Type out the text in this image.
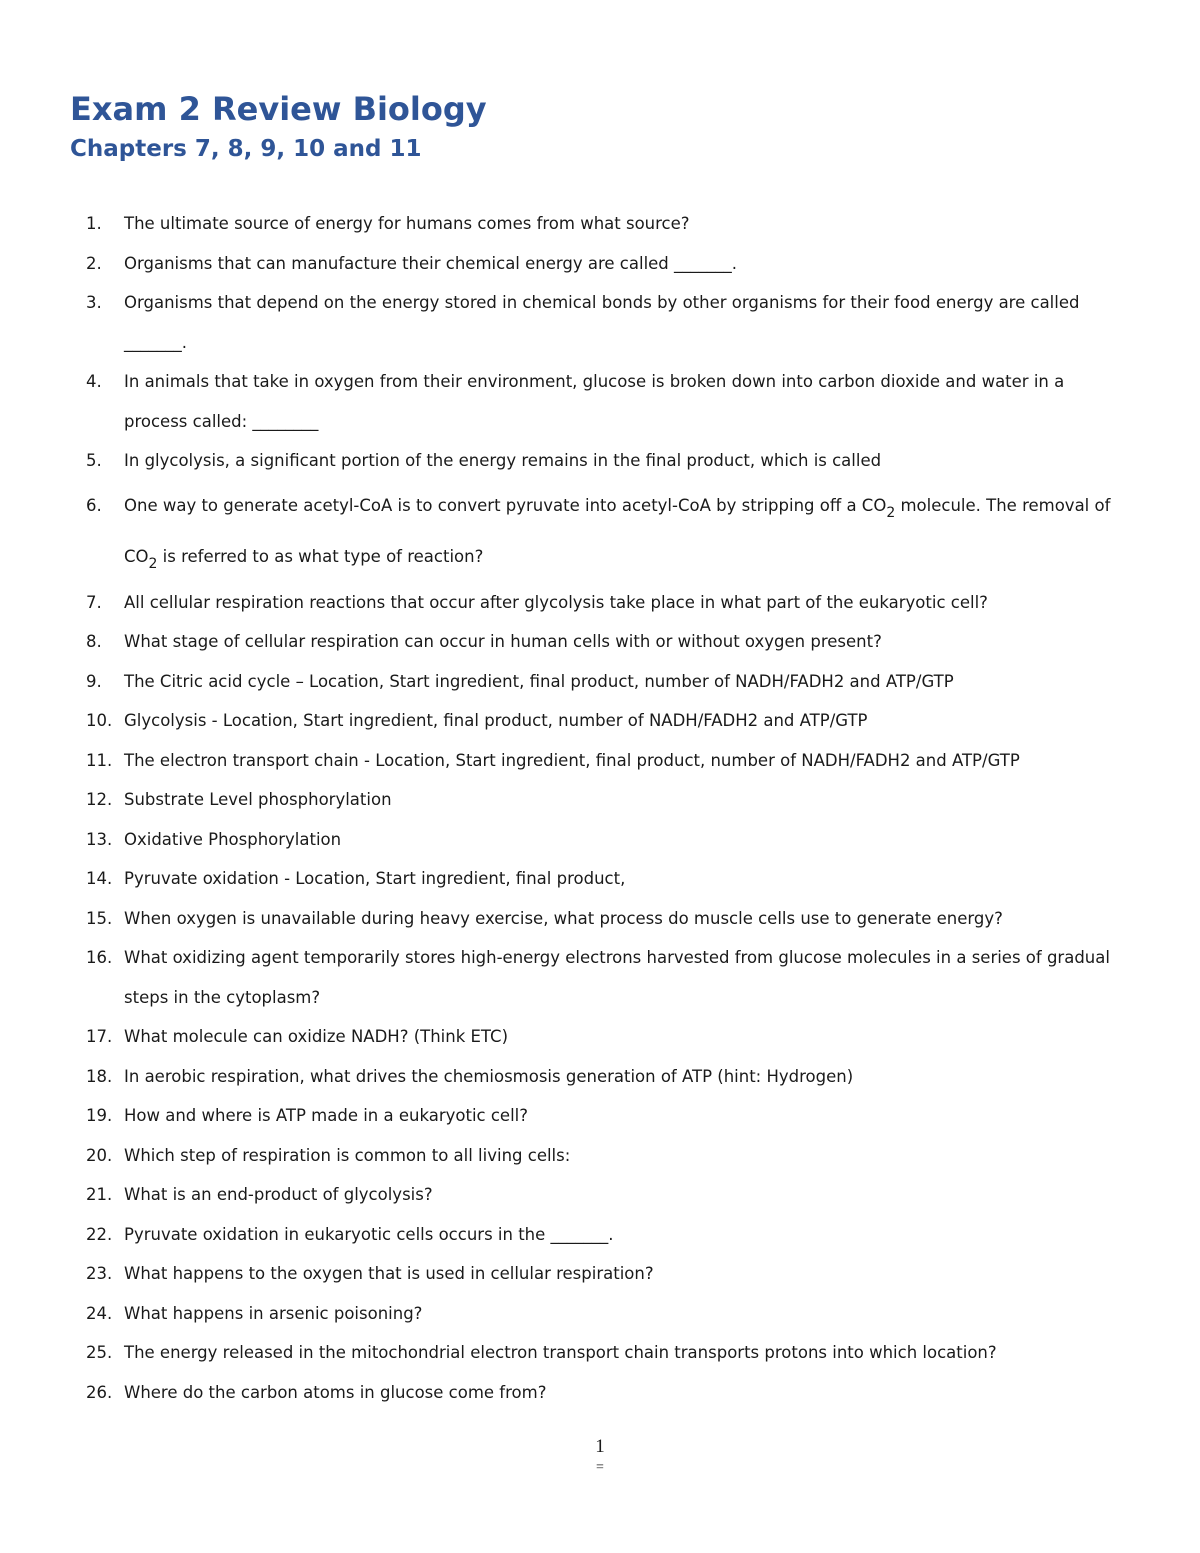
Exam 2 Review Biology
Chapters 7, 8, 9, 10 and 11
1.	The ultimate source of energy for humans comes from what source?
2.	Organisms that can manufacture their chemical energy are called _______.
3.	Organisms that depend on the energy stored in chemical bonds by other organisms for their food energy are called _______.
4.	In animals that take in oxygen from their environment, glucose is broken down into carbon dioxide and water in a process called: ________
5.	In glycolysis, a significant portion of the energy remains in the final product, which is called
6.	One way to generate acetyl-CoA is to convert pyruvate into acetyl-CoA by stripping off a $CO_2$ molecule. The removal of $CO_2$ is referred to as what type of reaction?
7.	All cellular respiration reactions that occur after glycolysis take place in what part of the eukaryotic cell?
8.	What stage of cellular respiration can occur in human cells with or without oxygen present?
9.	The Citric acid cycle – Location, Start ingredient, final product, number of NADH/FADH2 and ATP/GTP
10. Glycolysis - Location, Start ingredient, final product, number of NADH/FADH2 and ATP/GTP
11. The electron transport chain - Location, Start ingredient, final product, number of NADH/FADH2 and ATP/GTP
12. Substrate Level phosphorylation
13. Oxidative Phosphorylation
14. Pyruvate oxidation - Location, Start ingredient, final product,
15. When oxygen is unavailable during heavy exercise, what process do muscle cells use to generate energy?
16. What oxidizing agent temporarily stores high-energy electrons harvested from glucose molecules in a series of gradual steps in the cytoplasm?
17. What molecule can oxidize NADH? (Think ETC)
18. In aerobic respiration, what drives the chemiosmosis generation of ATP (hint: Hydrogen)
19. How and where is ATP made in a eukaryotic cell?
20. Which step of respiration is common to all living cells:
21. What is an end-product of glycolysis?
22. Pyruvate oxidation in eukaryotic cells occurs in the _______.
23. What happens to the oxygen that is used in cellular respiration?
24. What happens in arsenic poisoning?
25. The energy released in the mitochondrial electron transport chain transports protons into which location?
26. Where do the carbon atoms in glucose come from?
1
=
